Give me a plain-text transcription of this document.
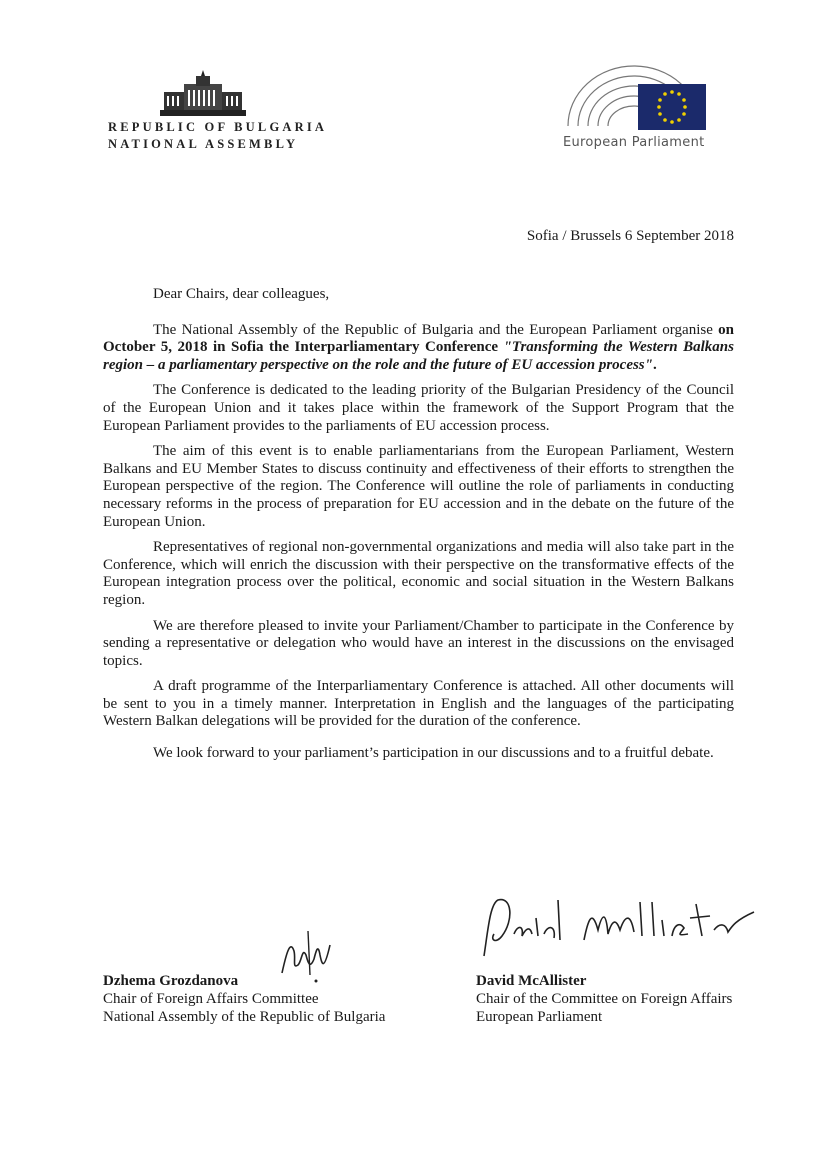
REPUBLIC OF BULGARIA
NATIONAL ASSEMBLY	European Parliament
Sofia / Brussels 6 September 2018
Dear Chairs, dear colleagues,

The National Assembly of the Republic of Bulgaria and the European Parliament organise on October 5, 2018 in Sofia the Interparliamentary Conference "Transforming the Western Balkans region – a parliamentary perspective on the role and the future of EU accession process".

The Conference is dedicated to the leading priority of the Bulgarian Presidency of the Council of the European Union and it takes place within the framework of the Support Program that the European Parliament provides to the parliaments of EU accession process.

The aim of this event is to enable parliamentarians from the European Parliament, Western Balkans and EU Member States to discuss continuity and effectiveness of their efforts to strengthen the European perspective of the region. The Conference will outline the role of parliaments in conducting necessary reforms in the process of preparation for EU accession and in the debate on the future of the European Union.

Representatives of regional non-governmental organizations and media will also take part in the Conference, which will enrich the discussion with their perspective on the transformative effects of the European integration process over the political, economic and social situation in the Western Balkans region.

We are therefore pleased to invite your Parliament/Chamber to participate in the Conference by sending a representative or delegation who would have an interest in the discussions on the envisaged topics.

A draft programme of the Interparliamentary Conference is attached. All other documents will be sent to you in a timely manner. Interpretation in English and the languages of the participating Western Balkan delegations will be provided for the duration of the conference.

We look forward to your parliament’s participation in our discussions and to a fruitful debate.

Dzhema Grozdanova
Chair of Foreign Affairs Committee
National Assembly of the Republic of Bulgaria
David McAllister
Chair of the Committee on Foreign Affairs
European Parliament
